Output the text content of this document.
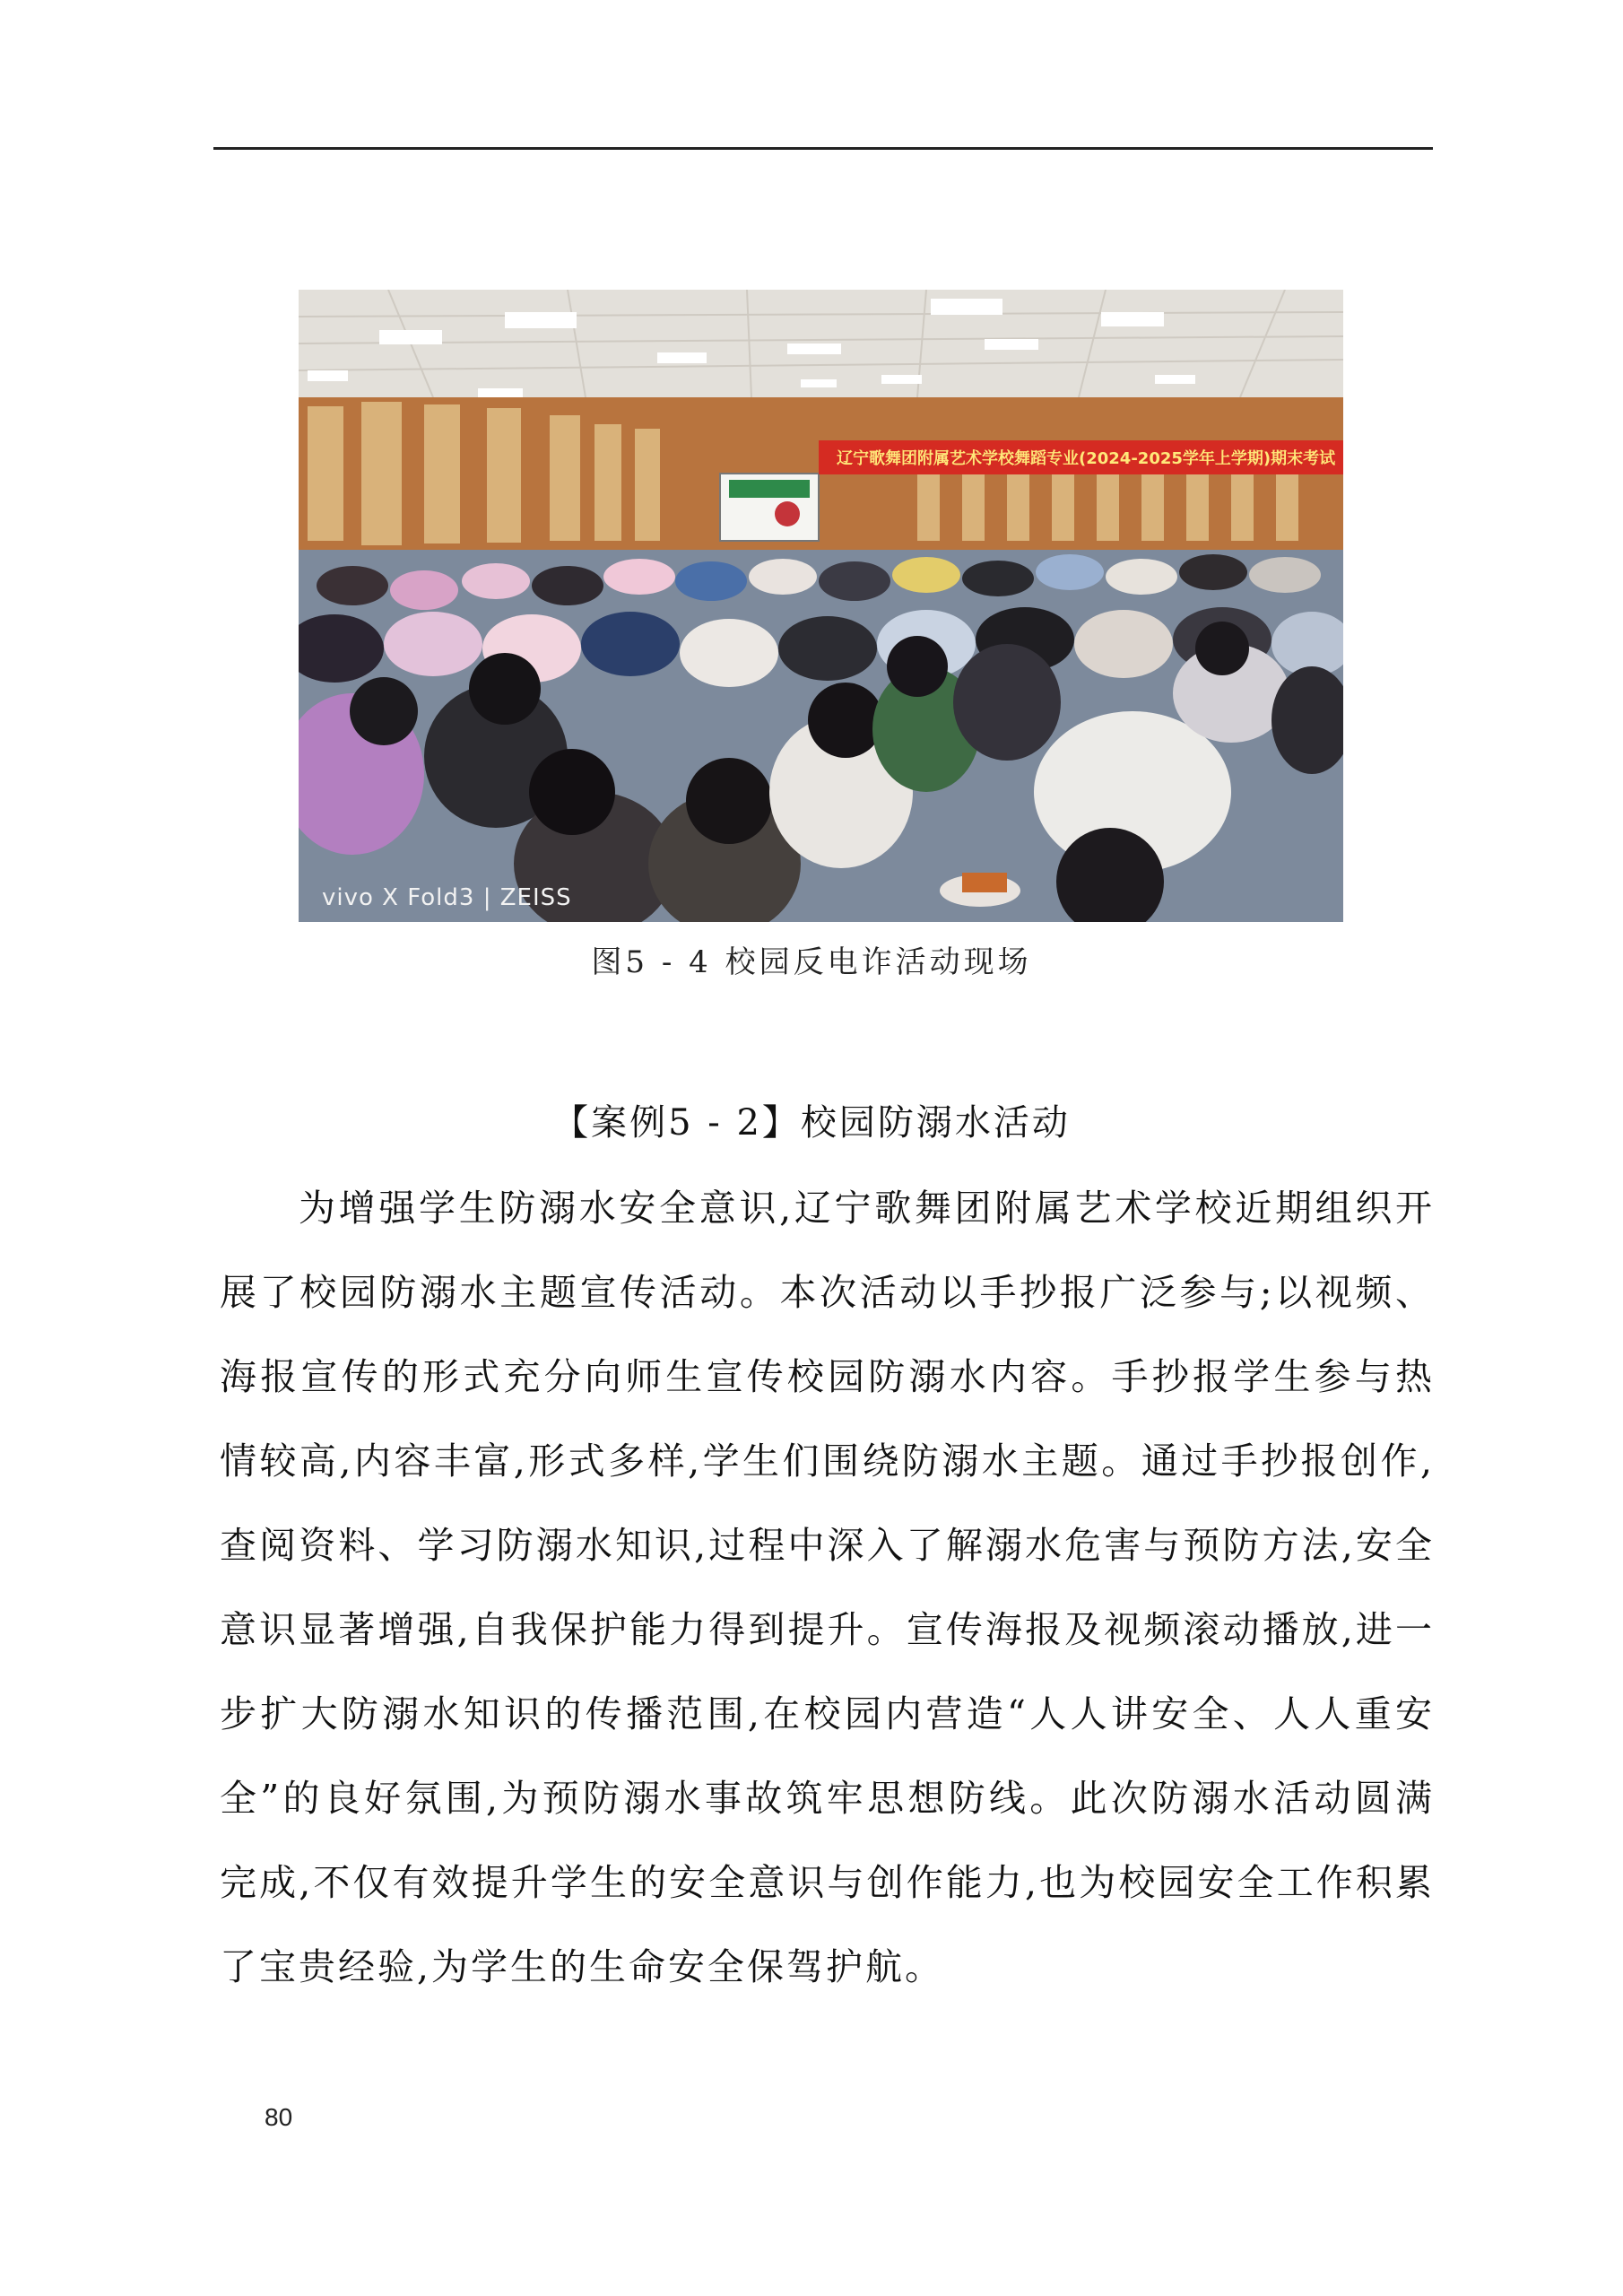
辽宁歌舞团附属艺术学校舞蹈专业(2024-2025学年上学期)期末考试
vivo X Fold3 | ZEISS
图5 - 4 校园反电诈活动现场
【案例5 - 2】校园防溺水活动

为增强学生防溺水安全意识,辽宁歌舞团附属艺术学校近期组织开展了校园防溺水主题宣传活动。本次活动以手抄报广泛参与;以视频、海报宣传的形式充分向师生宣传校园防溺水内容。手抄报学生参与热情较高,内容丰富,形式多样,学生们围绕防溺水主题。通过手抄报创作,查阅资料、学习防溺水知识,过程中深入了解溺水危害与预防方法,安全意识显著增强,自我保护能力得到提升。宣传海报及视频滚动播放,进一步扩大防溺水知识的传播范围,在校园内营造“人人讲安全、人人重安全”的良好氛围,为预防溺水事故筑牢思想防线。此次防溺水活动圆满完成,不仅有效提升学生的安全意识与创作能力,也为校园安全工作积累了宝贵经验,为学生的生命安全保驾护航。

80
